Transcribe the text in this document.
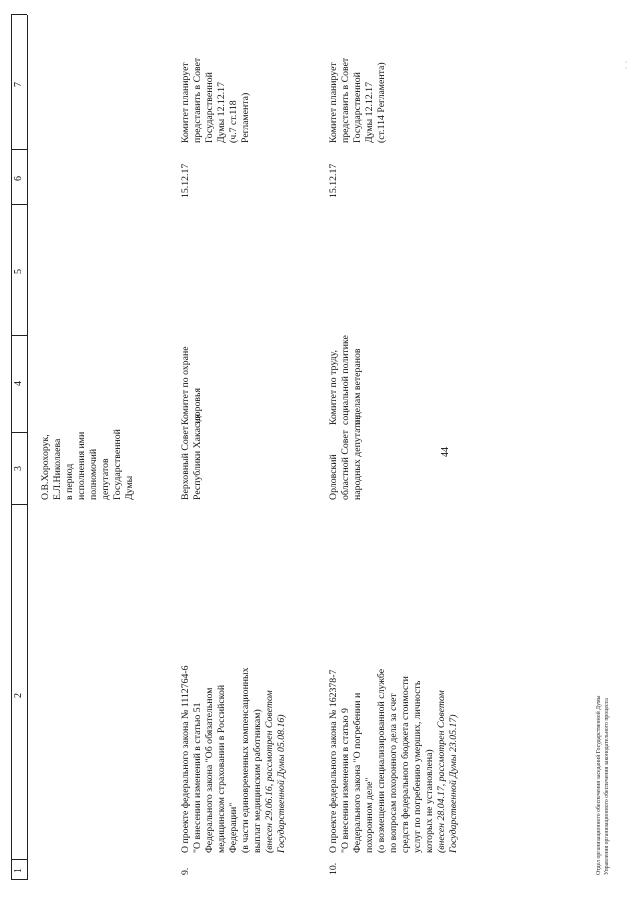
44
1
2
3
4
5
6
7
О.В.Хорохорук, Е.Л.Николаева в период исполнения ими полномочий депутатов Государственной Думы
9.
О проекте федерального закона № 1112764-6 "О внесении изменений в статью 51 Федерального закона "Об обязательном медицинском страховании в Российской Федерации" (в части единовременных компенсационных выплат медицинским работникам) (внесен 29.06.16, рассмотрен Советом Государственной Думы 05.08.16)
Верховный Совет Республики Хакасия
Комитет по охране здоровья
15.12.17
Комитет планирует представить в Совет Государственной Думы 12.12.17 (ч.7 ст.118 Регламента)
10.
О проекте федерального закона № 162378-7 "О внесении изменения в статью 9 Федерального закона "О погребении и похоронном деле" (о возмещении специализированной службе по вопросам похоронного дела за счет средств федерального бюджета стоимости услуг по погребению умерших, личность которых не установлена) (внесен 28.04.17, рассмотрен Советом Государственной Думы 23.05.17)
Орловский областной Совет народных депутатов
Комитет по труду, социальной политике и делам ветеранов
15.12.17
Комитет планирует представить в Совет Государственной Думы 12.12.17 (ст.114 Регламента)
Отдел организационного обеспечения заседаний Государственной Думы Управления организационного обеспечения законодательного процесса
·
·
